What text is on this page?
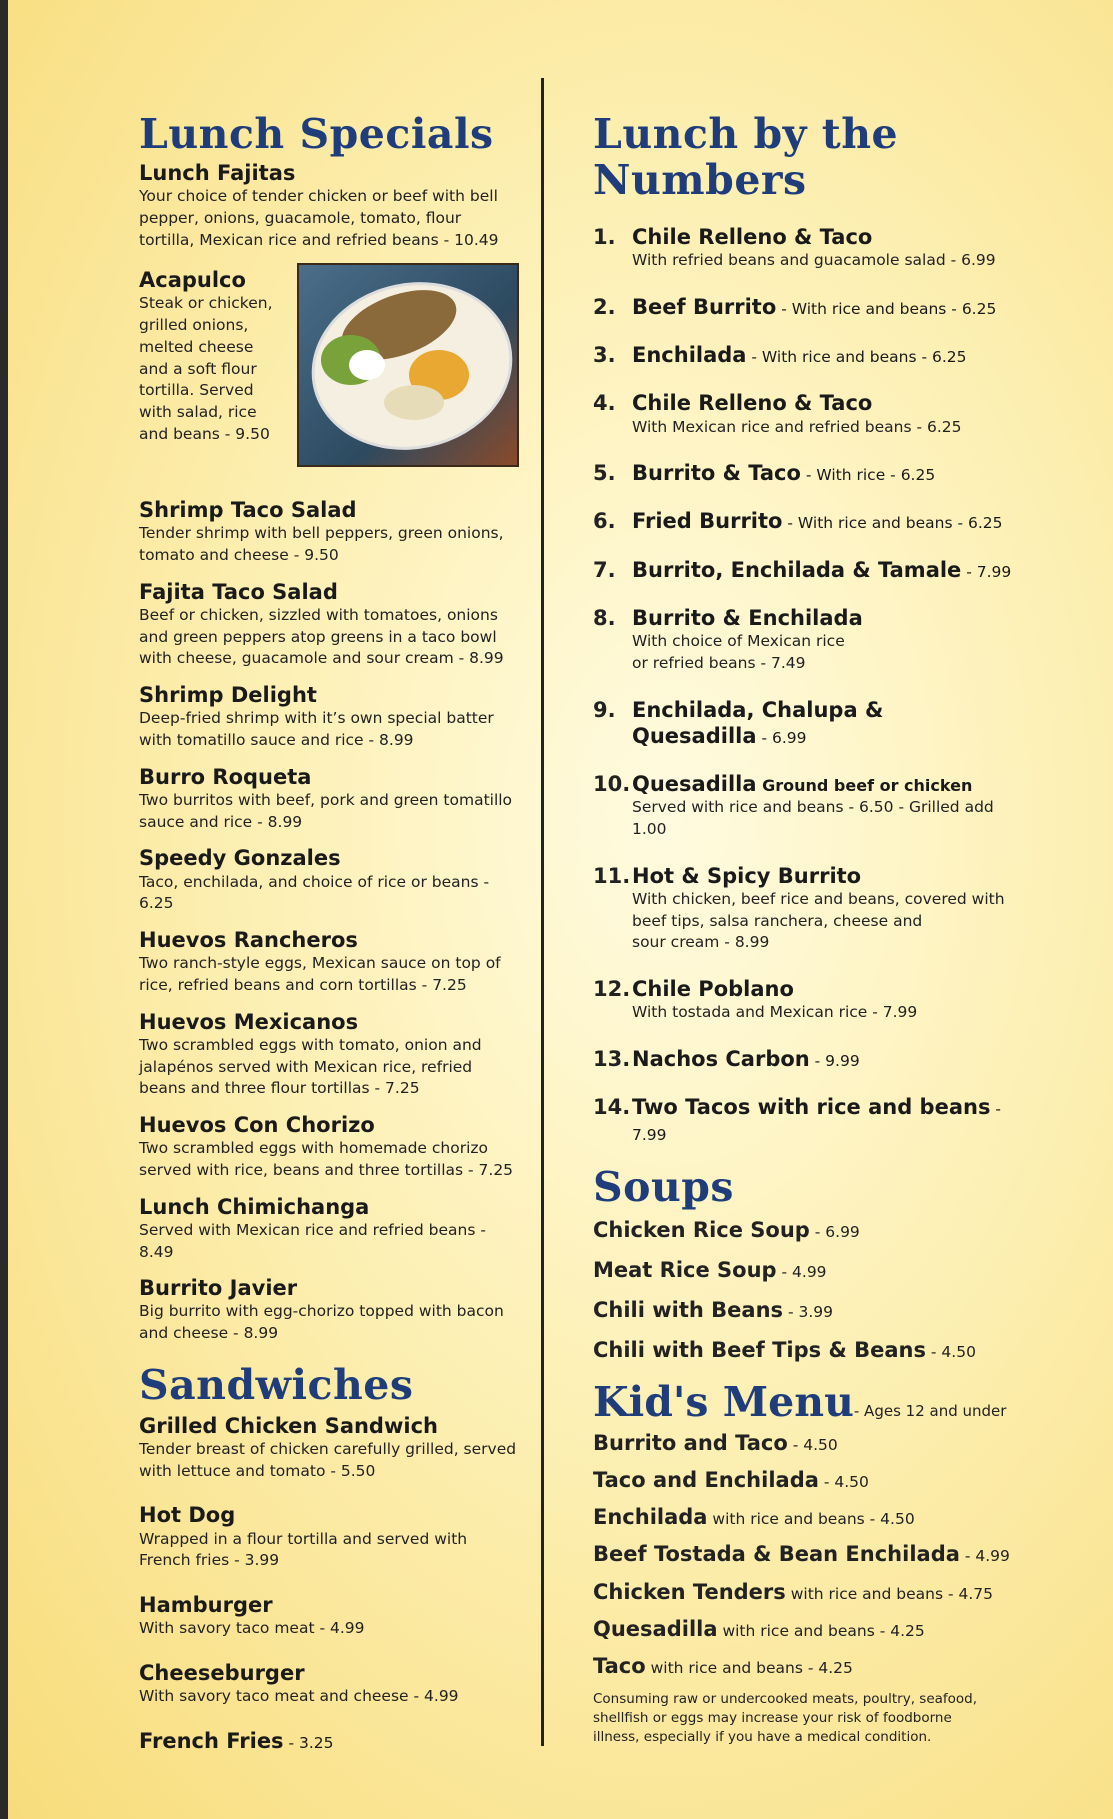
Lunch Specials
Lunch Fajitas
Your choice of tender chicken or beef with bell pepper, onions, guacamole, tomato, flour tortilla, Mexican rice and refried beans - 10.49
Acapulco
Steak or chicken, grilled onions, melted cheese and a soft flour tortilla. Served with salad, rice and beans - 9.50
Shrimp Taco Salad
Tender shrimp with bell peppers, green onions, tomato and cheese - 9.50
Fajita Taco Salad
Beef or chicken, sizzled with tomatoes, onions and green peppers atop greens in a taco bowl with cheese, guacamole and sour cream - 8.99
Shrimp Delight
Deep-fried shrimp with it’s own special batter with tomatillo sauce and rice - 8.99
Burro Roqueta
Two burritos with beef, pork and green tomatillo sauce and rice - 8.99
Speedy Gonzales
Taco, enchilada, and choice of rice or beans - 6.25
Huevos Rancheros
Two ranch-style eggs, Mexican sauce on top of rice, refried beans and corn tortillas - 7.25
Huevos Mexicanos
Two scrambled eggs with tomato, onion and jalapénos served with Mexican rice, refried beans and three flour tortillas - 7.25
Huevos Con Chorizo
Two scrambled eggs with homemade chorizo served with rice, beans and three tortillas - 7.25
Lunch Chimichanga
Served with Mexican rice and refried beans - 8.49
Burrito Javier
Big burrito with egg-chorizo topped with bacon and cheese - 8.99
Sandwiches
Grilled Chicken Sandwich
Tender breast of chicken carefully grilled, served with lettuce and tomato - 5.50
Hot Dog
Wrapped in a flour tortilla and served with French fries - 3.99
Hamburger
With savory taco meat - 4.99
Cheeseburger
With savory taco meat and cheese - 4.99
French Fries - 3.25
Lunch by the Numbers
1. Chile Relleno & Taco
With refried beans and guacamole salad - 6.99
2. Beef Burrito - With rice and beans - 6.25
3. Enchilada - With rice and beans - 6.25
4. Chile Relleno & Taco
With Mexican rice and refried beans - 6.25
5. Burrito & Taco - With rice - 6.25
6. Fried Burrito - With rice and beans - 6.25
7. Burrito, Enchilada & Tamale - 7.99
8. Burrito & Enchilada
With choice of Mexican rice
or refried beans - 7.49
9. Enchilada, Chalupa & Quesadilla - 6.99
10. Quesadilla Ground beef or chicken
Served with rice and beans - 6.50 - Grilled add 1.00
11. Hot & Spicy Burrito
With chicken, beef rice and beans, covered with beef tips, salsa ranchera, cheese and
sour cream - 8.99
12. Chile Poblano
With tostada and Mexican rice - 7.99
13. Nachos Carbon - 9.99
14. Two Tacos with rice and beans - 7.99
Soups
Chicken Rice Soup - 6.99
Meat Rice Soup - 4.99
Chili with Beans - 3.99
Chili with Beef Tips & Beans - 4.50
Kid's Menu- Ages 12 and under
Burrito and Taco - 4.50
Taco and Enchilada - 4.50
Enchilada with rice and beans - 4.50
Beef Tostada & Bean Enchilada - 4.99
Chicken Tenders with rice and beans - 4.75
Quesadilla with rice and beans - 4.25
Taco with rice and beans - 4.25
Consuming raw or undercooked meats, poultry, seafood, shellfish or eggs may increase your risk of foodborne illness, especially if you have a medical condition.
